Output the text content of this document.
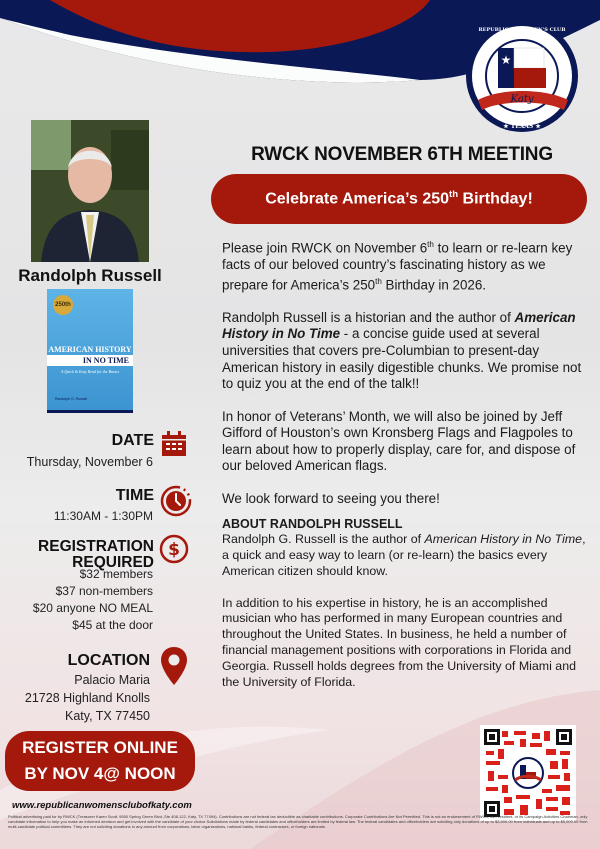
★
Katy
★ TEXAS ★
REPUBLICAN WOMEN'S CLUB
Randolph Russell
250th
AMERICAN HISTORY
IN NO TIME
A Quick & Easy Read for the Basics
Randolph G. Russell
RWCK NOVEMBER 6TH MEETING
Celebrate America’s 250th Birthday!

Please join RWCK on November 6th to learn or re-learn key facts of our beloved country’s fascinating history as we prepare for America’s 250th Birthday in 2026.

Randolph Russell is a historian and the author of American History in No Time - a concise guide used at several universities that covers pre-Columbian to present-day American history in easily digestible chunks. We promise not to quiz you at the end of the talk!!

In honor of Veterans’ Month, we will also be joined by Jeff Gifford of Houston’s own Kronsberg Flags and Flagpoles to learn about how to properly display, care for, and dispose of our beloved American flags.

We look forward to seeing you there!

ABOUT RANDOLPH RUSSELL

Randolph G. Russell is the author of American History in No Time, a quick and easy way to learn (or re-learn) the basics every American citizen should know.

In addition to his expertise in history, he is an accomplished musician who has performed in many European countries and throughout the United States. In business, he held a number of financial management positions with corporations in Florida and Georgia. Russell holds degrees from the University of Miami and the University of Florida.

DATE
Thursday, November 6
TIME
11:30AM - 1:30PM
REGISTRATION
REQUIRED
$
$32 members
$37 non-members
$20 anyone NO MEAL
$45 at the door
LOCATION
Palacio Maria
21728 Highland Knolls
Katy, TX 77450
REGISTER ONLINE
BY NOV 4@ NOON
www.republicanwomensclubofkaty.com
Political advertising paid for by RWCK (Treasurer Karen Scott, 9550 Spring Green Blvd.,Ste 408-122, Katy, TX 77494). Contributions are not federal tax deductible as charitable contributions. Corporate Contributions Are Not Permitted. This is not an endorsement of RWCK, its President, or its Campaign Activities Chairman, only candidate information to help you make an informed decision and get involved with the candidate of your choice.Solicitations made by federal candidates and officeholders are limited by federal law. The federal candidates and officeholders are soliciting only donations of up to $3,500.00 from individuals and up to $5,000.00 from multi-candidate political committees. They are not soliciting donations in any amount from corporations, labor organizations, national banks, federal contractors, or foreign nationals.
